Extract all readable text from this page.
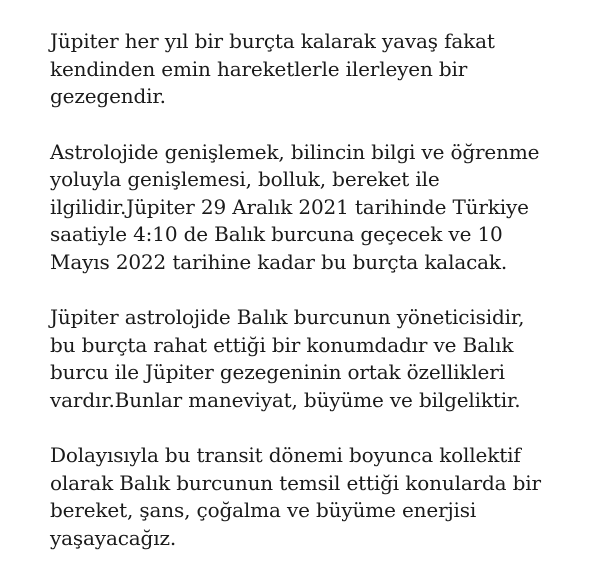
Jüpiter her yıl bir burçta kalarak yavaş fakat
kendinden emin hareketlerle ilerleyen bir
gezegendir.

Astrolojide genişlemek, bilincin bilgi ve öğrenme
yoluyla genişlemesi, bolluk, bereket ile
ilgilidir.Jüpiter 29 Aralık 2021 tarihinde Türkiye
saatiyle 4:10 de Balık burcuna geçecek ve 10
Mayıs 2022 tarihine kadar bu burçta kalacak.

Jüpiter astrolojide Balık burcunun yöneticisidir,
bu burçta rahat ettiği bir konumdadır ve Balık
burcu ile Jüpiter gezegeninin ortak özellikleri
vardır.Bunlar maneviyat, büyüme ve bilgeliktir.

Dolayısıyla bu transit dönemi boyunca kollektif
olarak Balık burcunun temsil ettiği konularda bir
bereket, şans, çoğalma ve büyüme enerjisi
yaşayacağız.
